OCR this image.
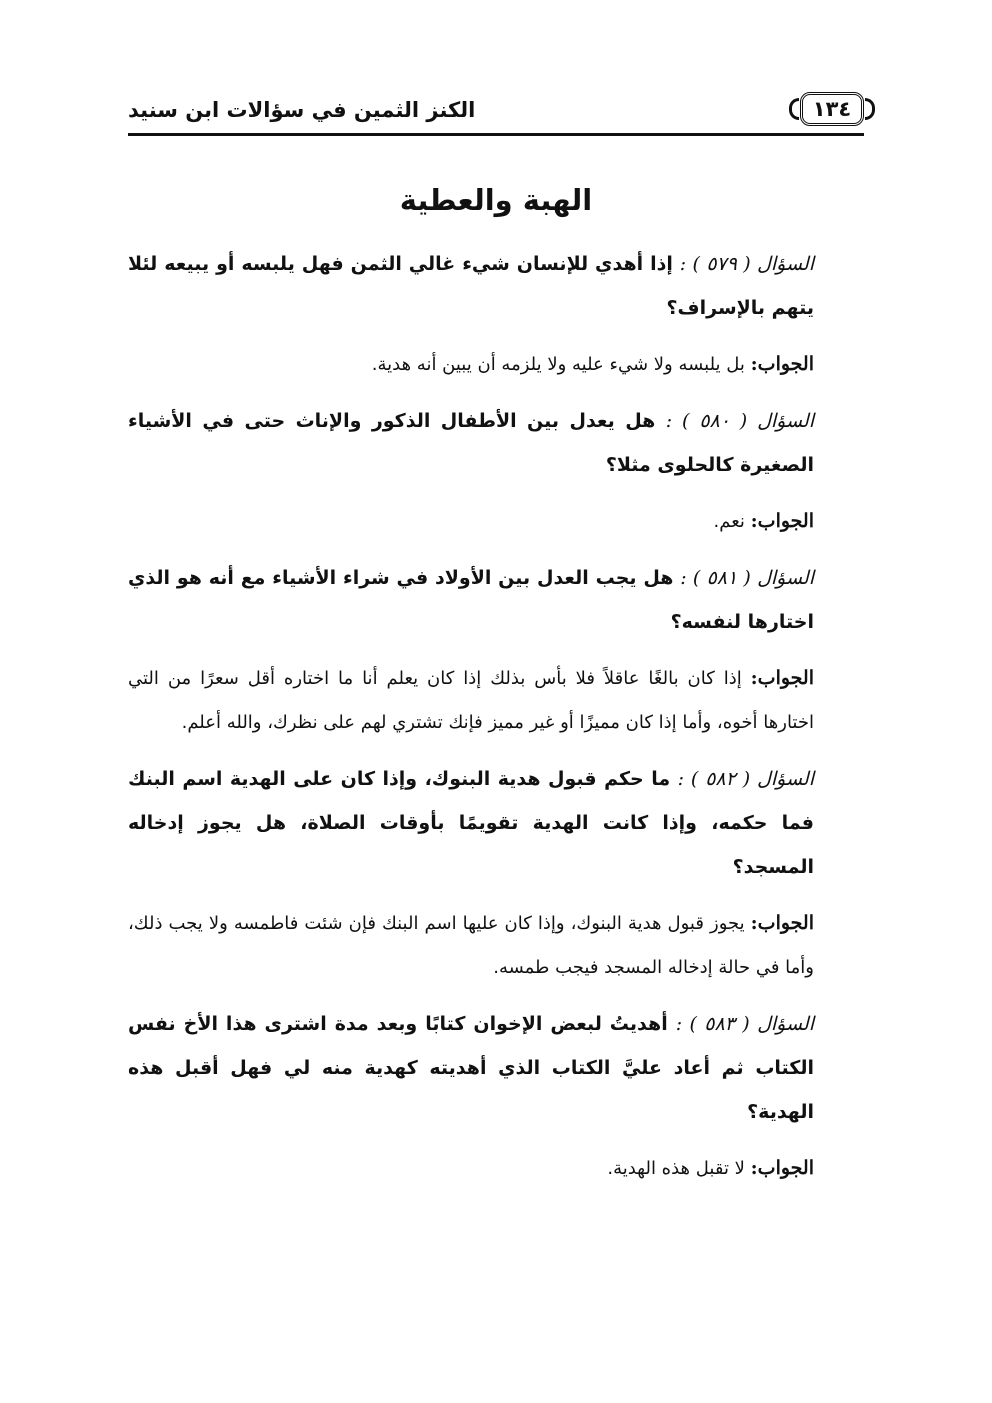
١٣٤
الكنز الثمين في سؤالات ابن سنيد
الهبة والعطية

السؤال ( ٥٧٩ ) : إذا أهدي للإنسان شيء غالي الثمن فهل يلبسه أو يبيعه لئلا يتهم بالإسراف؟

الجواب: بل يلبسه ولا شيء عليه ولا يلزمه أن يبين أنه هدية.

السؤال ( ٥٨٠ ) : هل يعدل بين الأطفال الذكور والإناث حتى في الأشياء الصغيرة كالحلوى مثلا؟

الجواب: نعم.

السؤال ( ٥٨١ ) : هل يجب العدل بين الأولاد في شراء الأشياء مع أنه هو الذي اختارها لنفسه؟

الجواب: إذا كان بالغًا عاقلاً فلا بأس بذلك إذا كان يعلم أنا ما اختاره أقل سعرًا من التي اختارها أخوه، وأما إذا كان مميزًا أو غير مميز فإنك تشتري لهم على نظرك، والله أعلم.

السؤال ( ٥٨٢ ) : ما حكم قبول هدية البنوك، وإذا كان على الهدية اسم البنك فما حكمه، وإذا كانت الهدية تقويمًا بأوقات الصلاة، هل يجوز إدخاله المسجد؟

الجواب: يجوز قبول هدية البنوك، وإذا كان عليها اسم البنك فإن شئت فاطمسه ولا يجب ذلك، وأما في حالة إدخاله المسجد فيجب طمسه.

السؤال ( ٥٨٣ ) : أهديتُ لبعض الإخوان كتابًا وبعد مدة اشترى هذا الأخ نفس الكتاب ثم أعاد عليَّ الكتاب الذي أهديته كهدية منه لي فهل أقبل هذه الهدية؟

الجواب: لا تقبل هذه الهدية.
